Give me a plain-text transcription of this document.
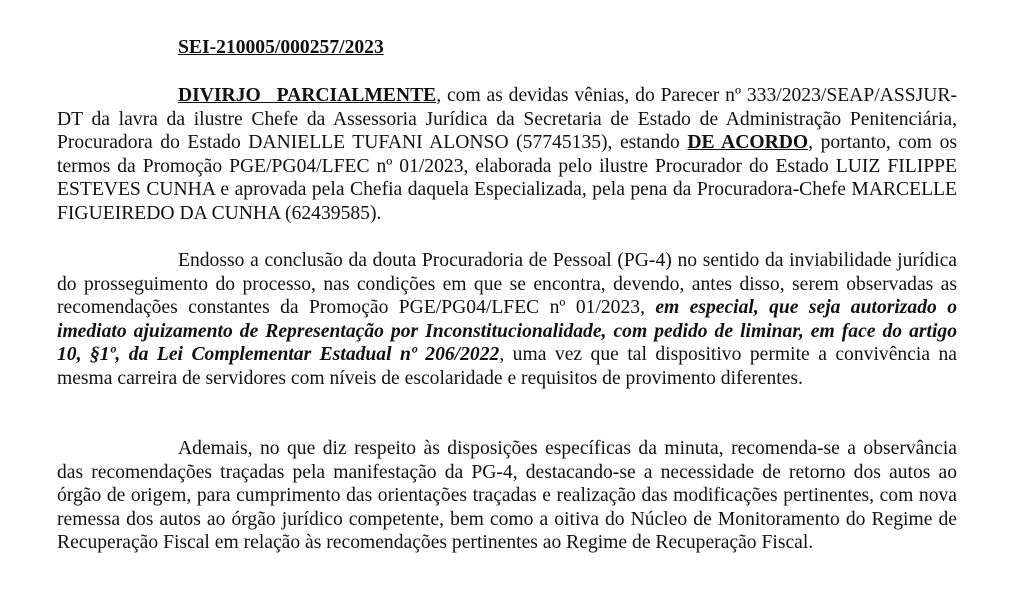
SEI-210005/000257/2023

DIVIRJO PARCIALMENTE, com as devidas vênias, do Parecer nº 333/2023/SEAP/ASSJUR-DT da lavra da ilustre Chefe da Assessoria Jurídica da Secretaria de Estado de Administração Penitenciária, Procuradora do Estado DANIELLE TUFANI ALONSO (57745135), estando DE ACORDO, portanto, com os termos da Promoção PGE/PG04/LFEC nº 01/2023, elaborada pelo ilustre Procurador do Estado LUIZ FILIPPE ESTEVES CUNHA e aprovada pela Chefia daquela Especializada, pela pena da Procuradora-Chefe MARCELLE FIGUEIREDO DA CUNHA (62439585).

Endosso a conclusão da douta Procuradoria de Pessoal (PG-4) no sentido da inviabilidade jurídica do prosseguimento do processo, nas condições em que se encontra, devendo, antes disso, serem observadas as recomendações constantes da Promoção PGE/PG04/LFEC nº 01/2023, em especial, que seja autorizado o imediato ajuizamento de Representação por Inconstitucionalidade, com pedido de liminar, em face do artigo 10, §1º, da Lei Complementar Estadual nº 206/2022, uma vez que tal dispositivo permite a convivência na mesma carreira de servidores com níveis de escolaridade e requisitos de provimento diferentes.

Ademais, no que diz respeito às disposições específicas da minuta, recomenda-se a observância das recomendações traçadas pela manifestação da PG-4, destacando-se a necessidade de retorno dos autos ao órgão de origem, para cumprimento das orientações traçadas e realização das modificações pertinentes, com nova remessa dos autos ao órgão jurídico competente, bem como a oitiva do Núcleo de Monitoramento do Regime de Recuperação Fiscal em relação às recomendações pertinentes ao Regime de Recuperação Fiscal.
